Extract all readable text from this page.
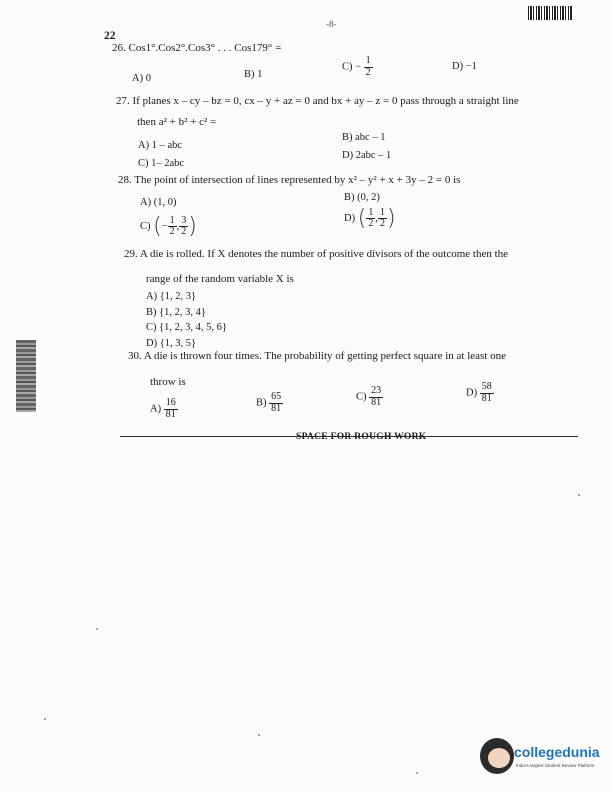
-8-
22
26. Cos1°.Cos2°.Cos3° . . . Cos179° =
A) 0	B) 1
$C) - \frac{1}{2}$	D) −1
27. If planes x – cy – bz = 0, cx – y + az = 0 and bx + ay – z = 0 pass through a straight line
then a² + b² + c² =
A) 1 – abc
B) abc – 1
C) 1– 2abc
D) 2abc – 1
28. The point of intersection of lines represented by x² – y² + x + 3y – 2 = 0 is
A) (1, 0)	B) (0, 2)
C) (− $\frac{1}{2}$ , $\frac{3}{2}$ )	D) ( $\frac{1}{2}$ , $\frac{1}{2}$ )
29. A die is rolled. If X denotes the number of positive divisors of the outcome then the
range of the random variable X is
A) {1, 2, 3}
B) {1, 2, 3, 4}
C) {1, 2, 3, 4, 5, 6}
D) {1, 3, 5}
30. A die is thrown four times. The probability of getting perfect square in at least one
throw is
$A) \frac{16}{81}$	$B) \frac{65}{81}$	$C) \frac{23}{81}$	$D) \frac{58}{81}$
SPACE FOR ROUGH WORK
collegedunia
India's largest Student Review Platform
